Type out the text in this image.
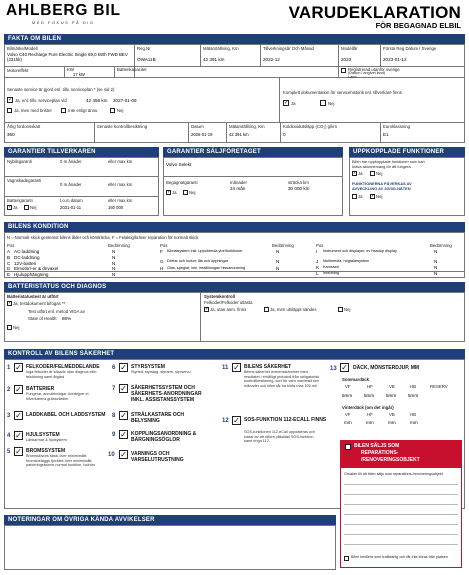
AHLBERG BIL
MED FOKUS PÅ DIG
VARUDEKLARATION
FÖR BEGAGNAD ELBIL
FAKTA OM BILEN
Bilmärke/Modell
Volvo C40 Recharge Pure Electric Single 69,0 kWh FWD BEV (231hk)
Reg.Nr
OWA11B
Mätarställning, Km
42 391 km
Tillverkningsår Och Månad
2022-12
Modellår
2023
Första Reg Datum I Sverige
2023-01-12
Motoreffekt	KW
17 kW
Batterikapacitet	Registrerad utanför sverige
(Datum i angivet land)
Land
Senaste service är gjord enl. tillv. serviceplan * (se sid 2)
✓ Ja, enl. tillv. serviceplan vid	42 456 km 2027-01-09
Ja, men med brister	Inte enligt ännu	Nej
Komplett dokumentation för servicehistorik enl. tillverkare finns
✓ Ja	Nej
Årlig fordonsskatt
360
Senaste kontrollbesiktning	Datum
2026-01-19
Mätarställning, Km
42 391 km
Koldioxidutsläpp (CO₂) g/km
0
Euroklassning
E1
GARANTIER TILLVERKAREN
Nybilsgaranti	0 m ånader	eller max km
Vagnskadegaranti
0 m ånader	eller max km
Batterigaranti
✓ Ja	Nej
t.o.m datum
2031-01-11
eller max km
160 000
GARANTIER SÄLJFÖRETAGET
Volvo Selekt
Begagnatgaranti
✓ Ja	Nej
månader
24 mån
sträcka km
30 000 km
UPPKOPPLADE FUNKTIONER
Bilen har uppkopplade funktioner som kan
kräva abonnemang för att fungera
✓ Ja	Nej
FUNKTIONERNA PÅVERKAS AV
AVVECKLING AV 2G/3G-NÄTEN
Ja ✓ Nej
BILENS KONDITION
N = Normalt skick gentemot bilens ålder och körsträcka, F = Felaktig/kräver reparation för normalt skick
Pos	Bedömning	Pos	Bedömning	Pos	Bedömning
A AC-laddning	N
B DC-laddning	N
C 12V-batteri	N
D Elmotor/-er & drivaxel	N
E Hjulupphängning	N
F Klimatsystem inkl. uppvärmda ytor/funktioner	N
G Dörrar och luckor, lås och öppningar	N
H Glas, speglar, inkl. inställningar/ hissanordning	N
I Instrument och displayer, ev headup display	N
J Multimedia, högtalarsystem	N
K Karosseri	N
L Inredning	N
BATTERISTATUS OCH DIAGNOS
Batteristatustest är utfört
✓ Ja, testdokument bifogas **
Test utfört enl. metod VIDA av
State of Health: 88%
Nej
Systemkontroll
Felkoder/Felkoder utlästa
✓ Ja, utan anm. finns	Ja, men utsläppt sändes	Nej
KONTROLL AV BILENS SÄKERHET
1 ✓ FELKODER/FELMEDDELANDE
Inga felkoder är sökade utan diagnos eller felsökning samt åtgärd
2 ✓ BATTERIER
Fungerar, anmärkningar övertejper el tillverkarens gränsvärden
3 ✓ LADDKABEL OCH LADDSYSTEM
4 ✓ HJULSYSTEM
Länkarmar & hjulsystem
5 ✓ BROMSSYSTEM
Bromsskivors skick över minimimått, bromsbeläggs tjocklek över minimimått, parkeringsbroms normal funktion, lodrörs
6 ✓ STYRSYSTEM
Styrled, styrstag, styrarm, styrservo
7 ✓ SÄKERHETSSYSTEM OCH SÄKERHETS-ANORDNINGAR INKL. ASSISTANSSYSTEM
8 ✓ STRÅLKASTARE OCH BELYSNING
9 ✓ KOPPLINGSANORDNING & BÄRGNINGSÖGLOR
10 ✓ VARNINGS OCH VARSELUTRUSTNING
11 ✓ BILENS SÄKERHET
Bilens säkerhet överensstämmer med resultatet i erhålligt protokoll från obligatorisk kontrollbesiktning, kort för vara maximalt sex månader och bilen får ha körts max 100 mil
12 ✓ SOS-FUNKTION 112-ECALL FINNS
SOS-funktionen 112-eCall uppdateras och klarar av att utföra påkallad SOS-funktion samt ringa 112.
13 ✓ DÄCK, MÖNSTERDJUP, MM
Sommardäck
VF	HF	VB	HB	RESERV
5mm	5mm	5mm	5mm
Vinterdäck (om det ingår)
VF	HF	VB	HB
mm	mm	mm	mm
BILEN SÄLJS SOM
REPARATIONS-
/RENOVERINGSOBJEKT
Orsaker till att bilen säljs som reparations-/renoveringsobjekt
Bilen bedöms som trafikfarlig och får inte köras från platsen
NOTERINGAR OM ÖVRIGA KÄNDA AVVIKELSER
